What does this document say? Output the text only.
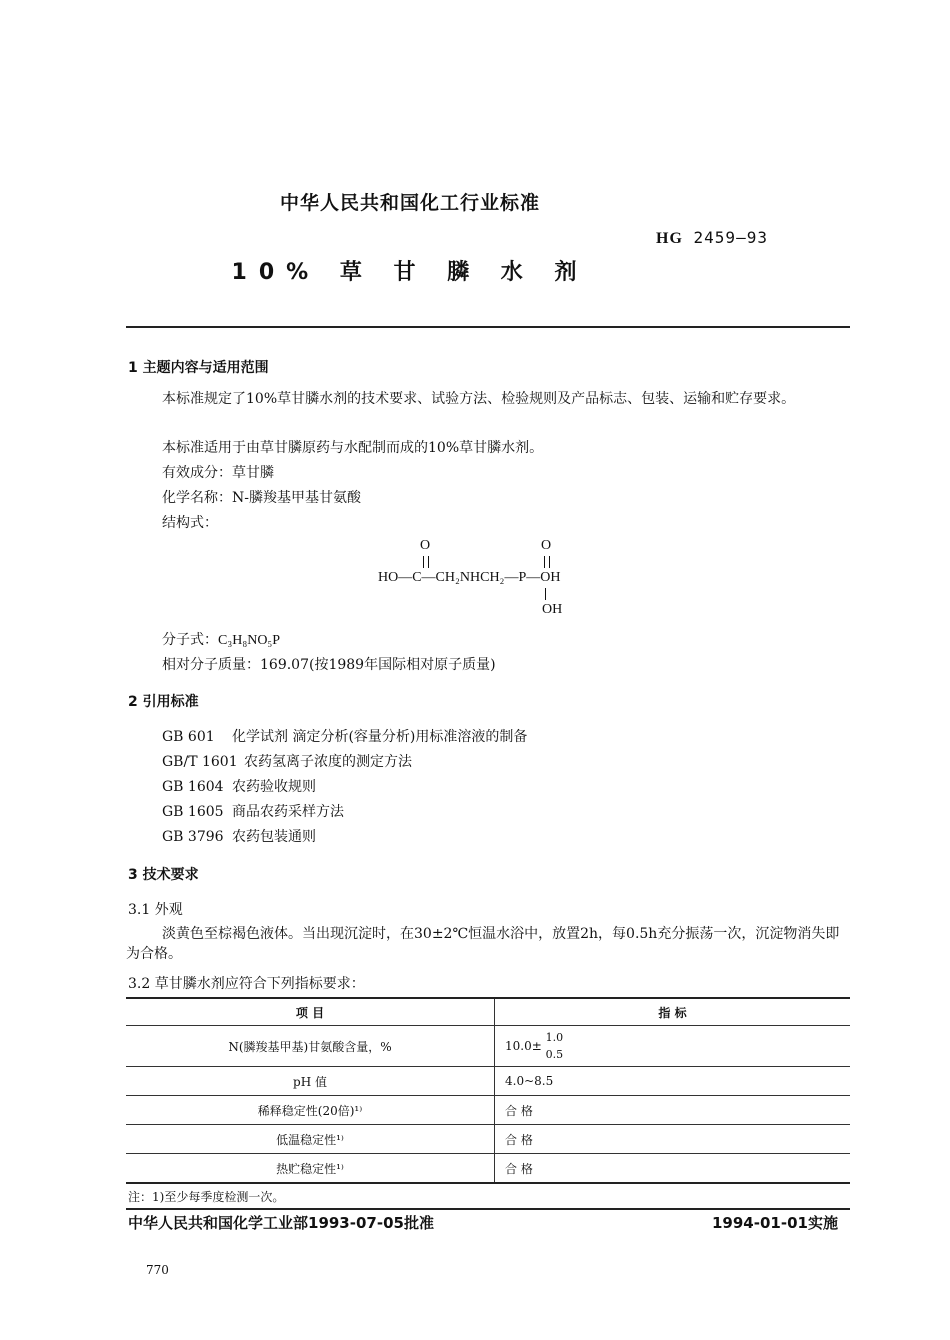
中华人民共和国化工行业标准
HG 2459—93
10% 草 甘 膦 水 剂
1 主题内容与适用范围
本标准规定了10%草甘膦水剂的技术要求、试验方法、检验规则及产品标志、包装、运输和贮存要求。
本标准适用于由草甘膦原药与水配制而成的10%草甘膦水剂。
有效成分：草甘膦
化学名称：N-膦羧基甲基甘氨酸
结构式：
O	O
HO—C—CH₂NHCH₂—P—OH
OH
分子式：C₃H₈NO₅P
相对分子质量：169.07(按1989年国际相对原子质量)
2 引用标准
GB 601 化学试剂 滴定分析(容量分析)用标准溶液的制备
GB/T 1601 农药氢离子浓度的测定方法
GB 1604 农药验收规则
GB 1605 商品农药采样方法
GB 3796 农药包装通则
3 技术要求
3.1 外观
淡黄色至棕褐色液体。当出现沉淀时，在30±2℃恒温水浴中，放置2h，每0.5h充分振荡一次，沉淀物消失即为合格。
3.2 草甘膦水剂应符合下列指标要求：
项 目	指 标
N(膦羧基甲基)甘氨酸含量，%	10.0±
1.0
0.5

pH 值	4.0~8.5
稀释稳定性(20倍)¹⁾	合 格
低温稳定性¹⁾	合 格
热贮稳定性¹⁾	合 格
注：1)至少每季度检测一次。
中华人民共和国化学工业部1993-07-05批准	1994-01-01实施
770
